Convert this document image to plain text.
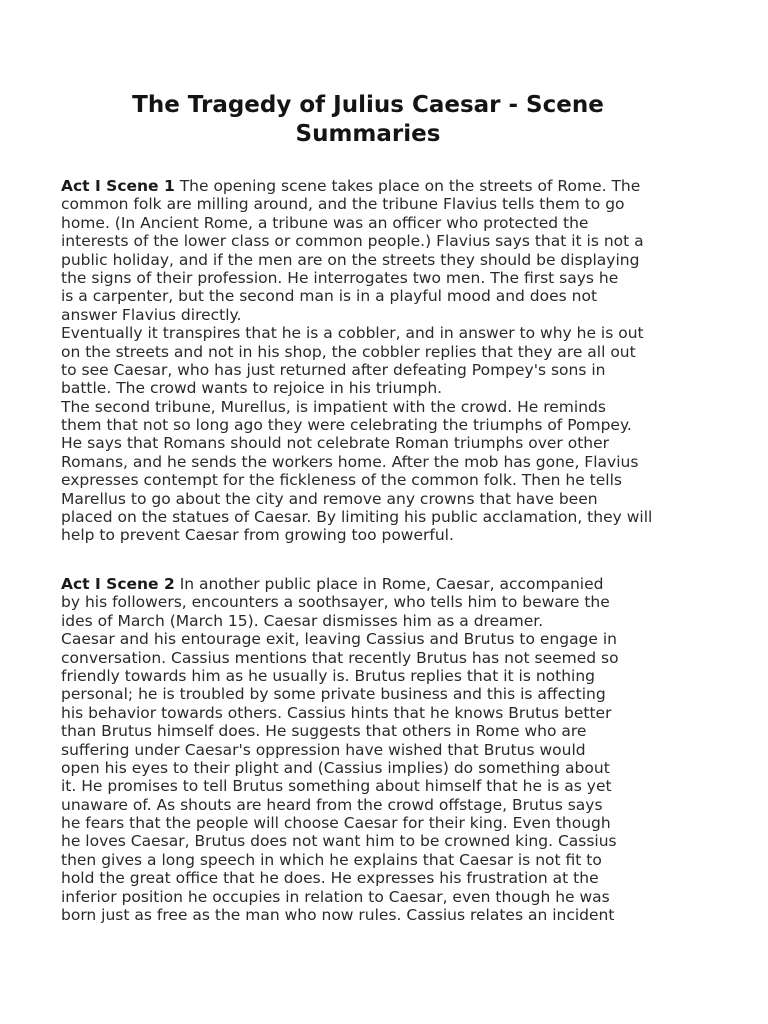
The Tragedy of Julius Caesar - Scene
Summaries
Act I Scene 1 The opening scene takes place on the streets of Rome. The
common folk are milling around, and the tribune Flavius tells them to go
home. (In Ancient Rome, a tribune was an officer who protected the
interests of the lower class or common people.) Flavius says that it is not a
public holiday, and if the men are on the streets they should be displaying
the signs of their profession. He interrogates two men. The first says he
is a carpenter, but the second man is in a playful mood and does not
answer Flavius directly.
Eventually it transpires that he is a cobbler, and in answer to why he is out
on the streets and not in his shop, the cobbler replies that they are all out
to see Caesar, who has just returned after defeating Pompey's sons in
battle. The crowd wants to rejoice in his triumph.
The second tribune, Murellus, is impatient with the crowd. He reminds
them that not so long ago they were celebrating the triumphs of Pompey.
He says that Romans should not celebrate Roman triumphs over other
Romans, and he sends the workers home. After the mob has gone, Flavius
expresses contempt for the fickleness of the common folk. Then he tells
Marellus to go about the city and remove any crowns that have been
placed on the statues of Caesar. By limiting his public acclamation, they will
help to prevent Caesar from growing too powerful.
Act I Scene 2 In another public place in Rome, Caesar, accompanied
by his followers, encounters a soothsayer, who tells him to beware the
ides of March (March 15). Caesar dismisses him as a dreamer.
Caesar and his entourage exit, leaving Cassius and Brutus to engage in
conversation. Cassius mentions that recently Brutus has not seemed so
friendly towards him as he usually is. Brutus replies that it is nothing
personal; he is troubled by some private business and this is affecting
his behavior towards others. Cassius hints that he knows Brutus better
than Brutus himself does. He suggests that others in Rome who are
suffering under Caesar's oppression have wished that Brutus would
open his eyes to their plight and (Cassius implies) do something about
it. He promises to tell Brutus something about himself that he is as yet
unaware of. As shouts are heard from the crowd offstage, Brutus says
he fears that the people will choose Caesar for their king. Even though
he loves Caesar, Brutus does not want him to be crowned king. Cassius
then gives a long speech in which he explains that Caesar is not fit to
hold the great office that he does. He expresses his frustration at the
inferior position he occupies in relation to Caesar, even though he was
born just as free as the man who now rules. Cassius relates an incident
